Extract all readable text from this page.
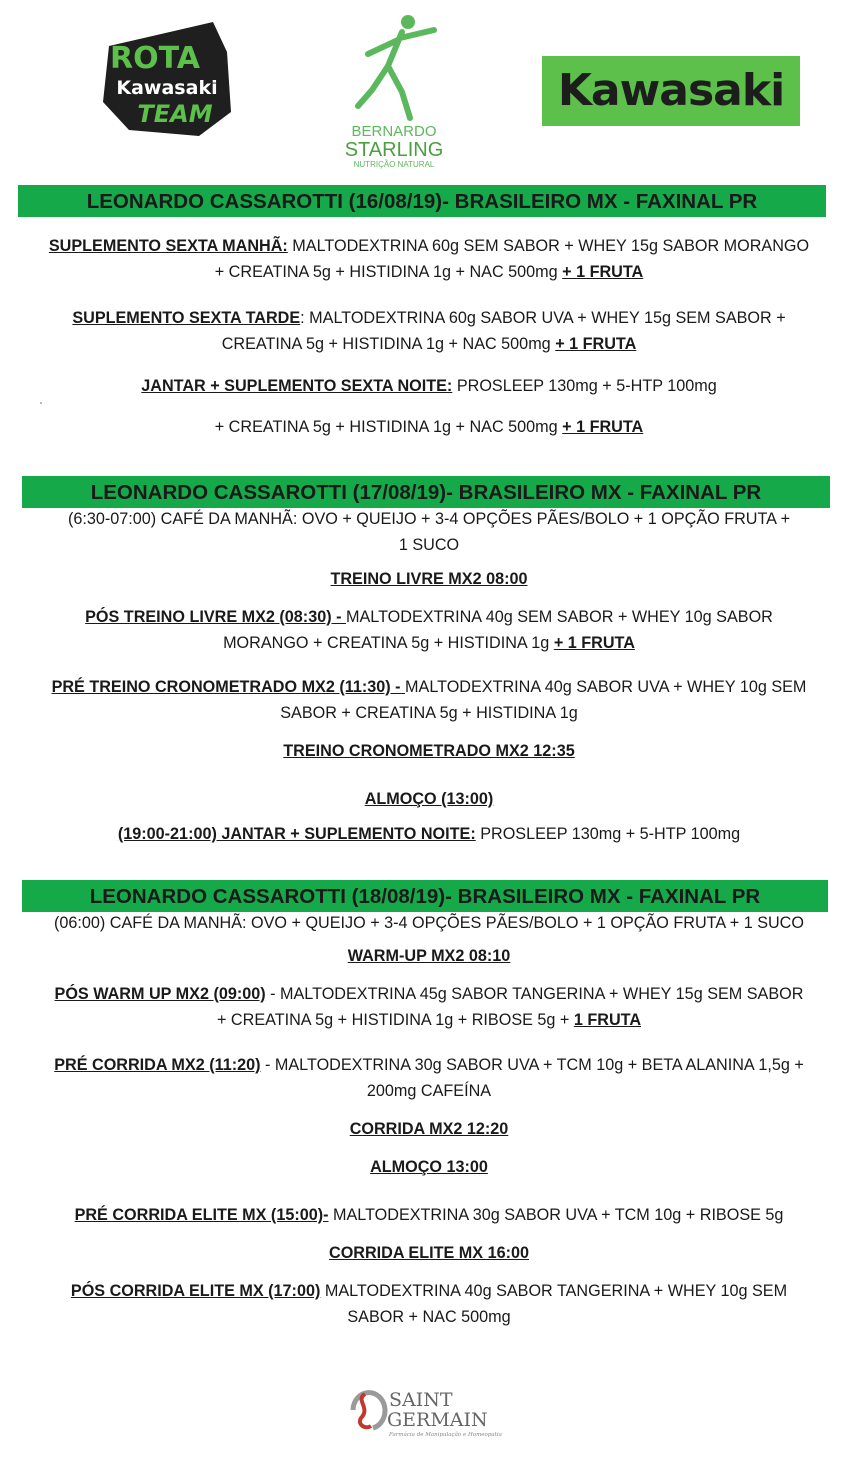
ROTA
Kawasaki
TEAM
BERNARDO
STARLING
NUTRIÇÃO NATURAL
Kawasaki
LEONARDO CASSAROTTI (16/08/19)- BRASILEIRO MX - FAXINAL PR
SUPLEMENTO SEXTA MANHÃ: MALTODEXTRINA 60g SEM SABOR + WHEY 15g SABOR MORANGO
+ CREATINA 5g + HISTIDINA 1g + NAC 500mg + 1 FRUTA
SUPLEMENTO SEXTA TARDE: MALTODEXTRINA 60g SABOR UVA + WHEY 15g SEM SABOR +
CREATINA 5g + HISTIDINA 1g + NAC 500mg + 1 FRUTA
JANTAR + SUPLEMENTO SEXTA NOITE: PROSLEEP 130mg + 5-HTP 100mg
+ CREATINA 5g + HISTIDINA 1g + NAC 500mg + 1 FRUTA
LEONARDO CASSAROTTI (17/08/19)- BRASILEIRO MX - FAXINAL PR
(6:30-07:00) CAFÉ DA MANHÃ: OVO + QUEIJO + 3-4 OPÇÕES PÃES/BOLO + 1 OPÇÃO FRUTA +
1 SUCO
TREINO LIVRE MX2 08:00
PÓS TREINO LIVRE MX2 (08:30) - MALTODEXTRINA 40g SEM SABOR + WHEY 10g SABOR
MORANGO + CREATINA 5g + HISTIDINA 1g + 1 FRUTA
PRÉ TREINO CRONOMETRADO MX2 (11:30) - MALTODEXTRINA 40g SABOR UVA + WHEY 10g SEM
SABOR + CREATINA 5g + HISTIDINA 1g
TREINO CRONOMETRADO MX2 12:35
ALMOÇO (13:00)
(19:00-21:00) JANTAR + SUPLEMENTO NOITE: PROSLEEP 130mg + 5-HTP 100mg
LEONARDO CASSAROTTI (18/08/19)- BRASILEIRO MX - FAXINAL PR
(06:00) CAFÉ DA MANHÃ: OVO + QUEIJO + 3-4 OPÇÕES PÃES/BOLO + 1 OPÇÃO FRUTA + 1 SUCO
WARM-UP MX2 08:10
PÓS WARM UP MX2 (09:00) - MALTODEXTRINA 45g SABOR TANGERINA + WHEY 15g SEM SABOR
+ CREATINA 5g + HISTIDINA 1g + RIBOSE 5g + 1 FRUTA
PRÉ CORRIDA MX2 (11:20) - MALTODEXTRINA 30g SABOR UVA + TCM 10g + BETA ALANINA 1,5g +
200mg CAFEÍNA
CORRIDA MX2 12:20
ALMOÇO 13:00
PRÉ CORRIDA ELITE MX (15:00)- MALTODEXTRINA 30g SABOR UVA + TCM 10g + RIBOSE 5g
CORRIDA ELITE MX 16:00
PÓS CORRIDA ELITE MX (17:00) MALTODEXTRINA 40g SABOR TANGERINA + WHEY 10g SEM
SABOR + NAC 500mg
SAINT
GERMAIN
Farmácia de Manipulação e Homeopatia
